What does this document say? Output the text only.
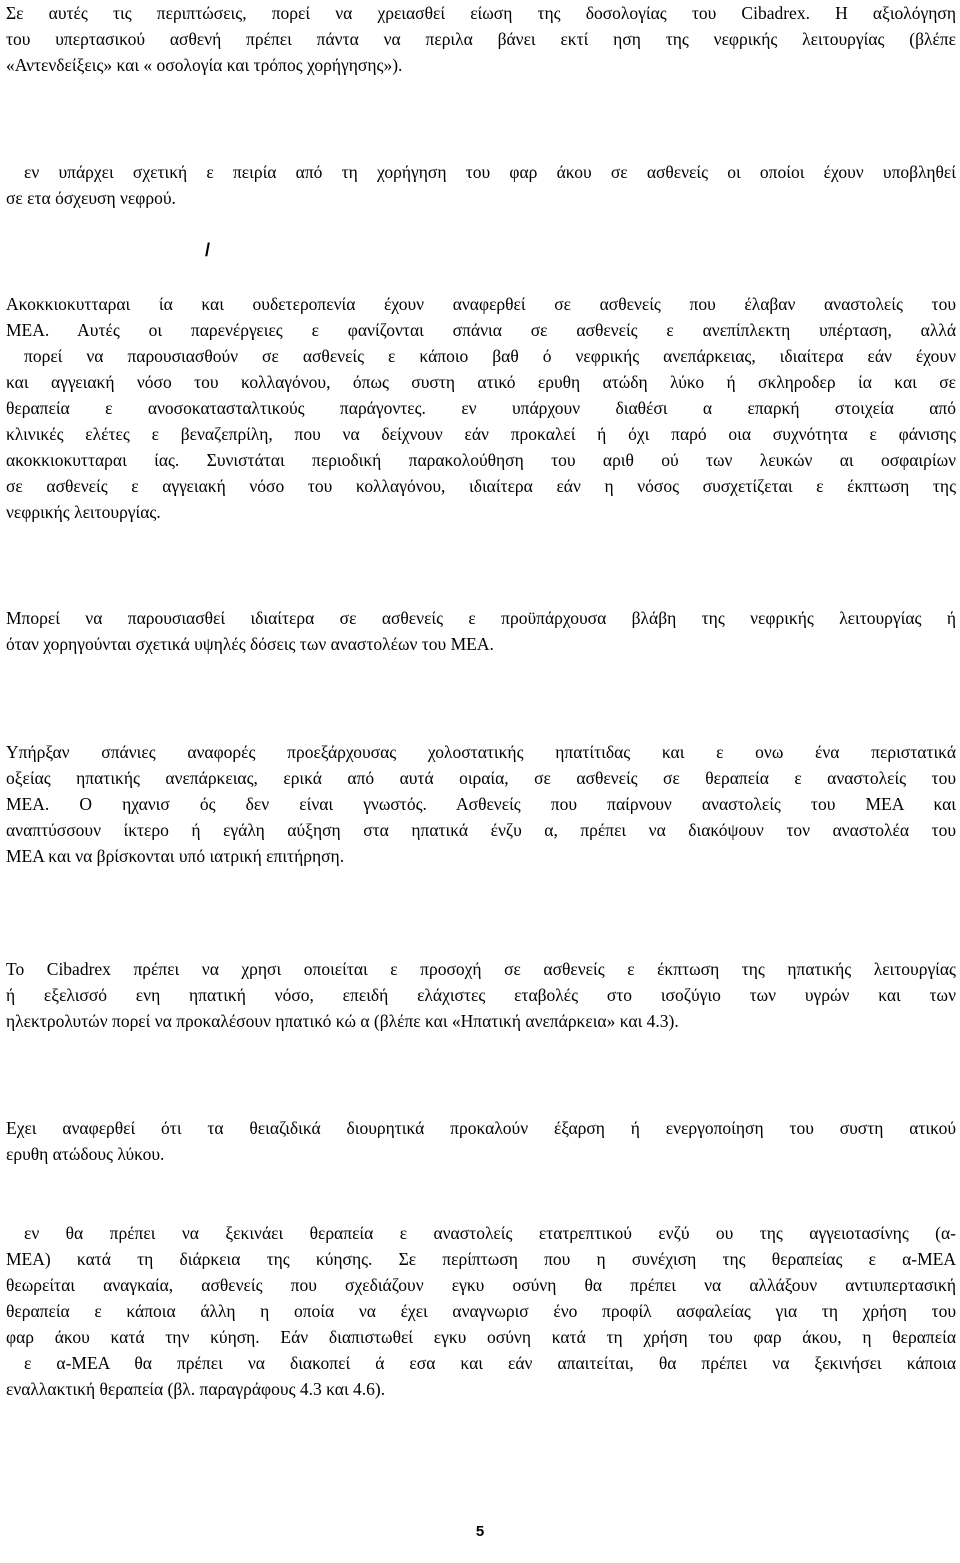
Σε αυτές τις περιπτώσεις, πορεί να χρειασθεί είωση της δοσολογίας του Cibadrex. Η αξιολόγηση
του υπερτασικού ασθενή πρέπει πάντα να περιλα βάνει εκτί ηση της νεφρικής λειτουργίας (βλέπε
«Αντενδείξεις» και « οσολογία και τρόπος χορήγησης»).
εν υπάρχει σχετική ε πειρία από τη χορήγηση του φαρ άκου σε ασθενείς οι οποίοι έχουν υποβληθεί
σε ετα όσχευση νεφρού.
/
Ακοκκιοκυτταραι ία και ουδετεροπενία έχουν αναφερθεί σε ασθενείς που έλαβαν αναστολείς του
ΜΕΑ. Αυτές οι παρενέργειες ε φανίζονται σπάνια σε ασθενείς ε ανεπίπλεκτη υπέρταση, αλλά
πορεί να παρουσιασθούν σε ασθενείς ε κάποιο βαθ ό νεφρικής ανεπάρκειας, ιδιαίτερα εάν έχουν
και αγγειακή νόσο του κολλαγόνου, όπως συστη ατικό ερυθη ατώδη λύκο ή σκληροδερ ία και σε
θεραπεία ε ανοσοκατασταλτικούς παράγοντες. εν υπάρχουν διαθέσι α επαρκή στοιχεία από
κλινικές ελέτες ε βεναζεπρίλη, που να δείχνουν εάν προκαλεί ή όχι παρό οια συχνότητα ε φάνισης
ακοκκιοκυτταραι ίας. Συνιστάται περιοδική παρακολούθηση του αριθ ού των λευκών αι οσφαιρίων
σε ασθενείς ε αγγειακή νόσο του κολλαγόνου, ιδιαίτερα εάν η νόσος συσχετίζεται ε έκπτωση της
νεφρικής λειτουργίας.
Μπορεί να παρουσιασθεί ιδιαίτερα σε ασθενείς ε προϋπάρχουσα βλάβη της νεφρικής λειτουργίας ή
όταν χορηγούνται σχετικά υψηλές δόσεις των αναστολέων του ΜΕΑ.
Υπήρξαν σπάνιες αναφορές προεξάρχουσας χολοστατικής ηπατίτιδας και ε ονω ένα περιστατικά
οξείας ηπατικής ανεπάρκειας, ερικά από αυτά οιραία, σε ασθενείς σε θεραπεία ε αναστολείς του
ΜΕΑ. Ο ηχανισ ός δεν είναι γνωστός. Ασθενείς που παίρνουν αναστολείς του ΜΕΑ και
αναπτύσσουν ίκτερο ή εγάλη αύξηση στα ηπατικά ένζυ α, πρέπει να διακόψουν τον αναστολέα του
ΜΕΑ και να βρίσκονται υπό ιατρική επιτήρηση.
Το Cibadrex πρέπει να χρησι οποιείται ε προσοχή σε ασθενείς ε έκπτωση της ηπατικής λειτουργίας
ή εξελισσό ενη ηπατική νόσο, επειδή ελάχιστες εταβολές στο ισοζύγιο των υγρών και των
ηλεκτρολυτών πορεί να προκαλέσουν ηπατικό κώ α (βλέπε και «Ηπατική ανεπάρκεια» και 4.3).
Εχει αναφερθεί ότι τα θειαζιδικά διουρητικά προκαλούν έξαρση ή ενεργοποίηση του συστη ατικού
ερυθη ατώδους λύκου.
εν θα πρέπει να ξεκινάει θεραπεία ε αναστολείς ετατρεπτικού ενζύ ου της αγγειοτασίνης (α-
ΜΕΑ) κατά τη διάρκεια της κύησης. Σε περίπτωση που η συνέχιση της θεραπείας ε α-ΜΕΑ
θεωρείται αναγκαία, ασθενείς που σχεδιάζουν εγκυ οσύνη θα πρέπει να αλλάξουν αντιυπερτασική
θεραπεία ε κάποια άλλη η οποία να έχει αναγνωρισ ένο προφίλ ασφαλείας για τη χρήση του
φαρ άκου κατά την κύηση. Εάν διαπιστωθεί εγκυ οσύνη κατά τη χρήση του φαρ άκου, η θεραπεία
ε α-ΜΕΑ θα πρέπει να διακοπεί ά εσα και εάν απαιτείται, θα πρέπει να ξεκινήσει κάποια
εναλλακτική θεραπεία (βλ. παραγράφους 4.3 και 4.6).
5
